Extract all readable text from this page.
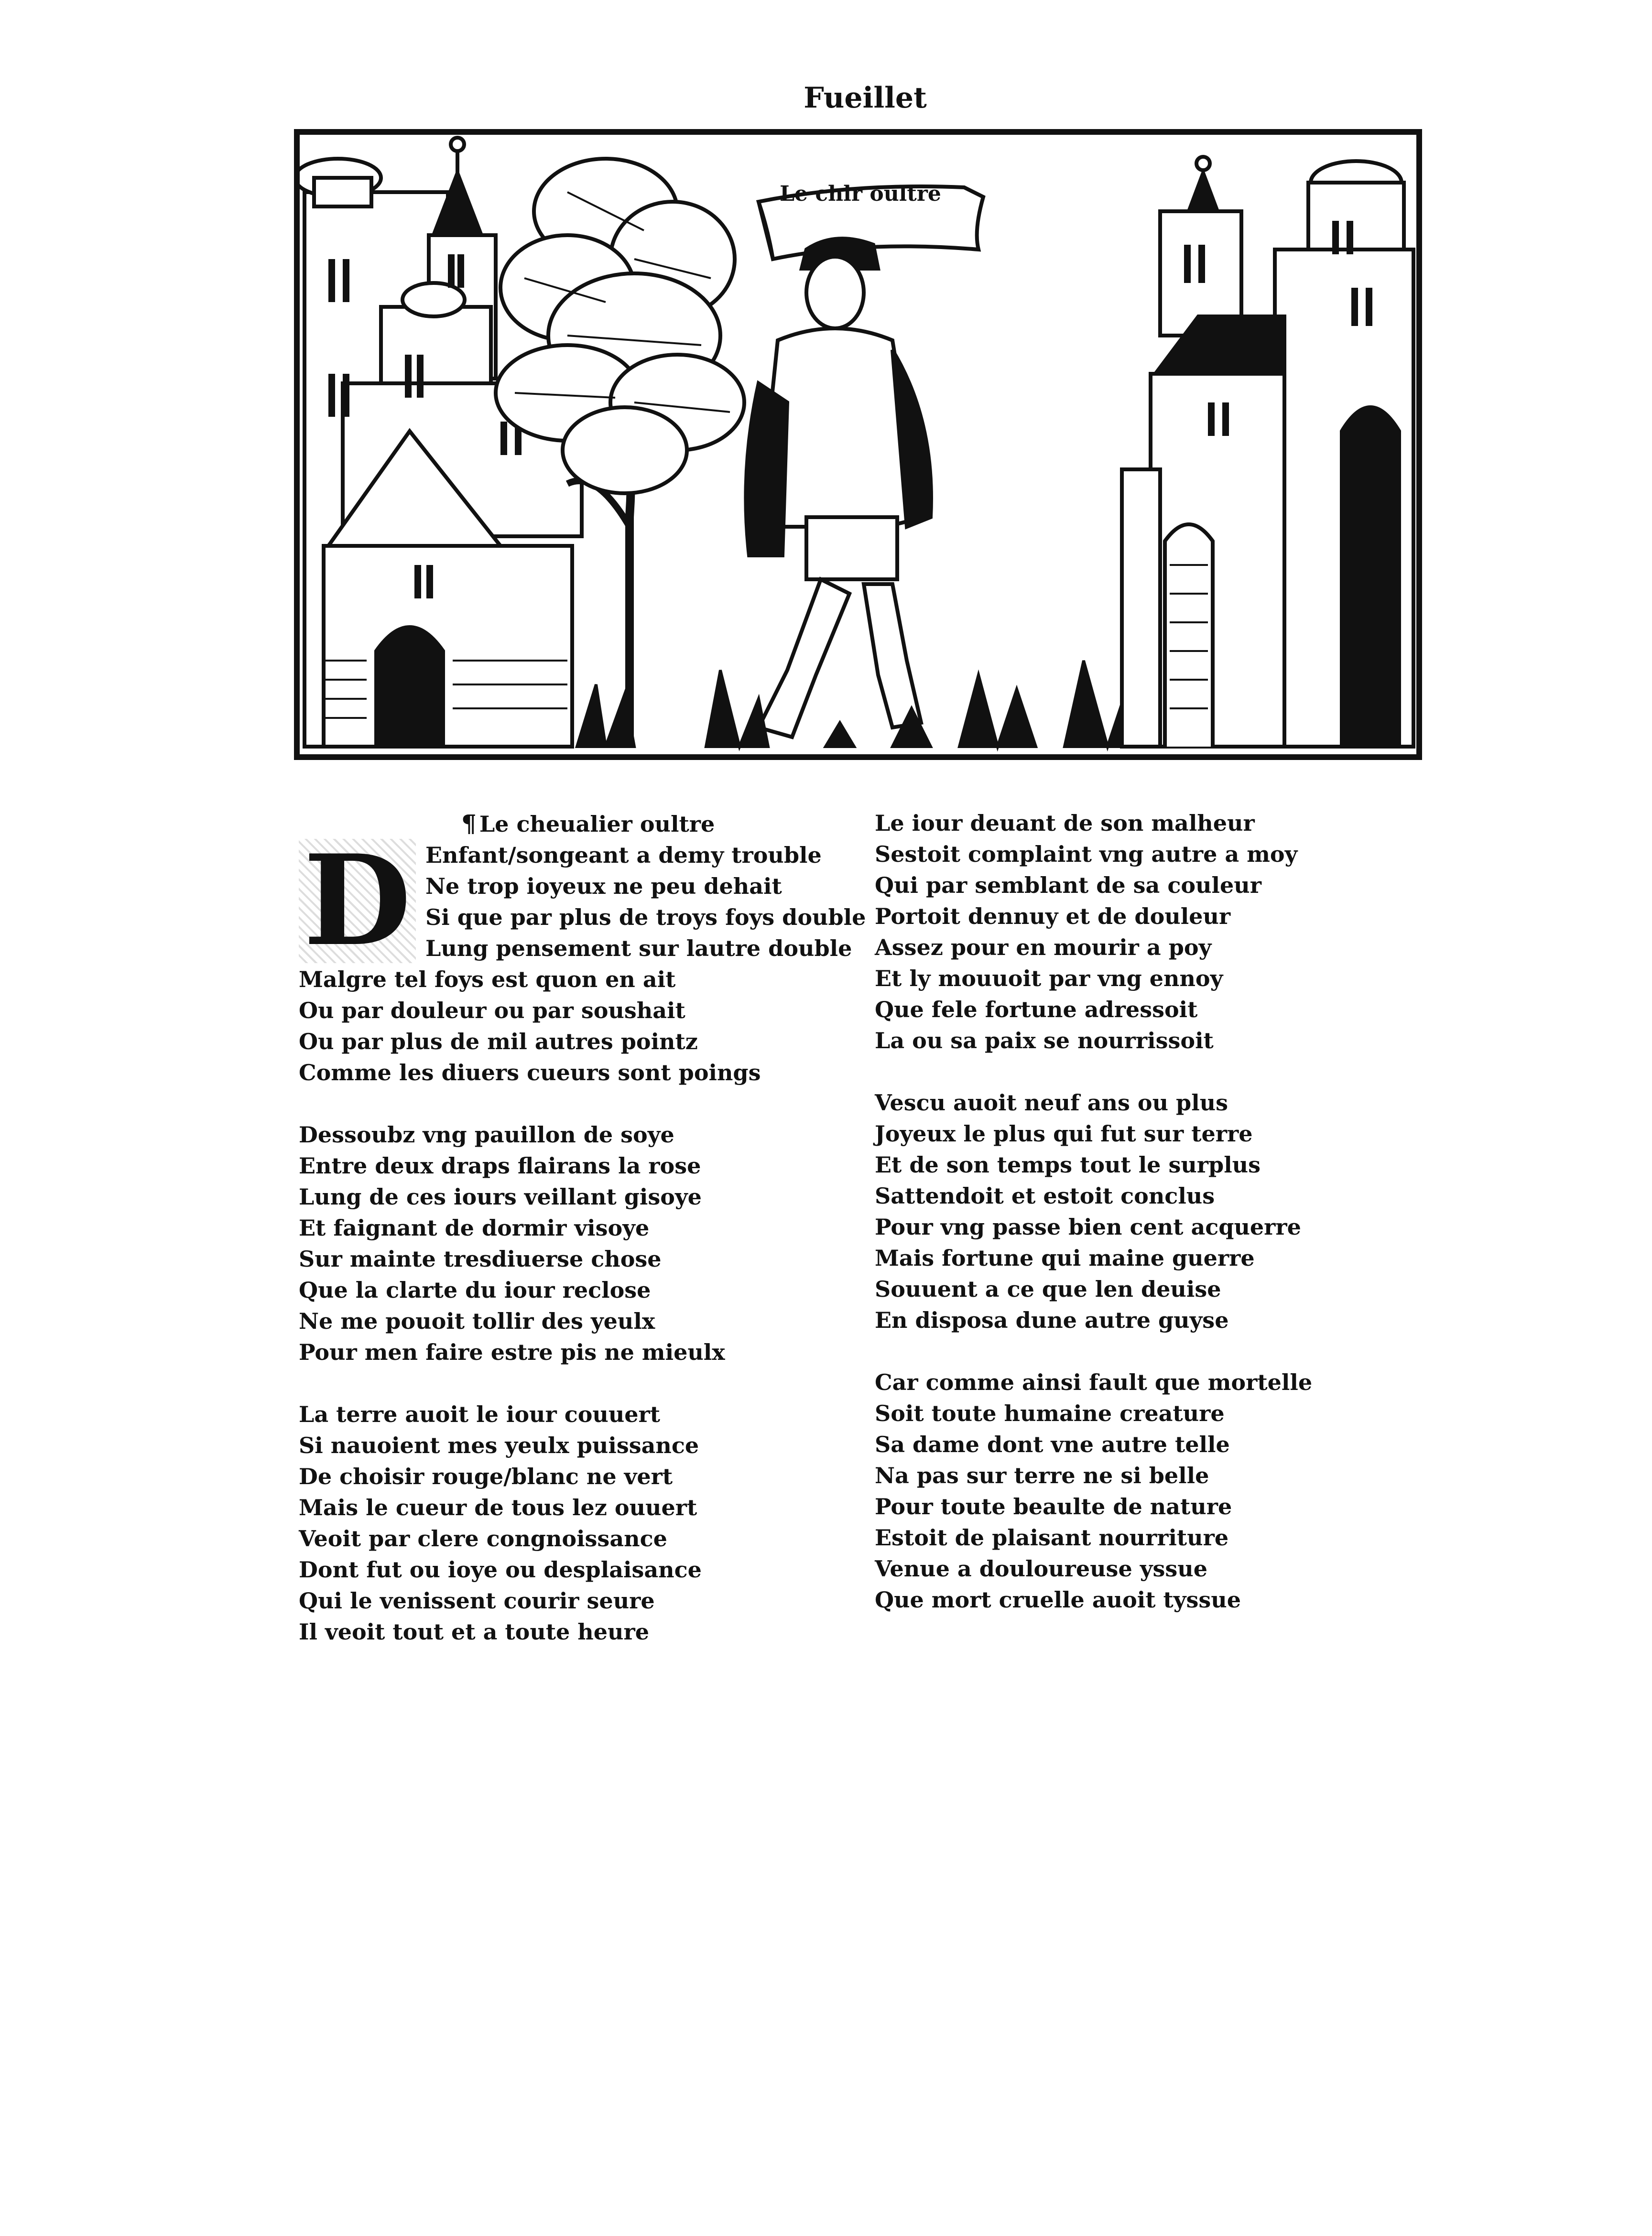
Fueillet
Le chlr oultre
D
¶ Le cheualier oultre
Enfant/songeant a demy trouble
Ne trop ioyeux ne peu dehait
Si que par plus de troys foys double
Lung pensement sur lautre double
Malgre tel foys est quon en ait
Ou par douleur ou par soushait
Ou par plus de mil autres pointz
Comme les diuers cueurs sont poings
Dessoubz vng pauillon de soye
Entre deux draps flairans la rose
Lung de ces iours veillant gisoye
Et faignant de dormir visoye
Sur mainte tresdiuerse chose
Que la clarte du iour reclose
Ne me pouoit tollir des yeulx
Pour men faire estre pis ne mieulx
La terre auoit le iour couuert
Si nauoient mes yeulx puissance
De choisir rouge/blanc ne vert
Mais le cueur de tous lez ouuert
Veoit par clere congnoissance
Dont fut ou ioye ou desplaisance
Qui le venissent courir seure
Il veoit tout et a toute heure
Le iour deuant de son malheur
Sestoit complaint vng autre a moy
Qui par semblant de sa couleur
Portoit dennuy et de douleur
Assez pour en mourir a poy
Et ly mouuoit par vng ennoy
Que fele fortune adressoit
La ou sa paix se nourrissoit
Vescu auoit neuf ans ou plus
Joyeux le plus qui fut sur terre
Et de son temps tout le surplus
Sattendoit et estoit conclus
Pour vng passe bien cent acquerre
Mais fortune qui maine guerre
Souuent a ce que len deuise
En disposa dune autre guyse
Car comme ainsi fault que mortelle
Soit toute humaine creature
Sa dame dont vne autre telle
Na pas sur terre ne si belle
Pour toute beaulte de nature
Estoit de plaisant nourriture
Venue a douloureuse yssue
Que mort cruelle auoit tyssue
